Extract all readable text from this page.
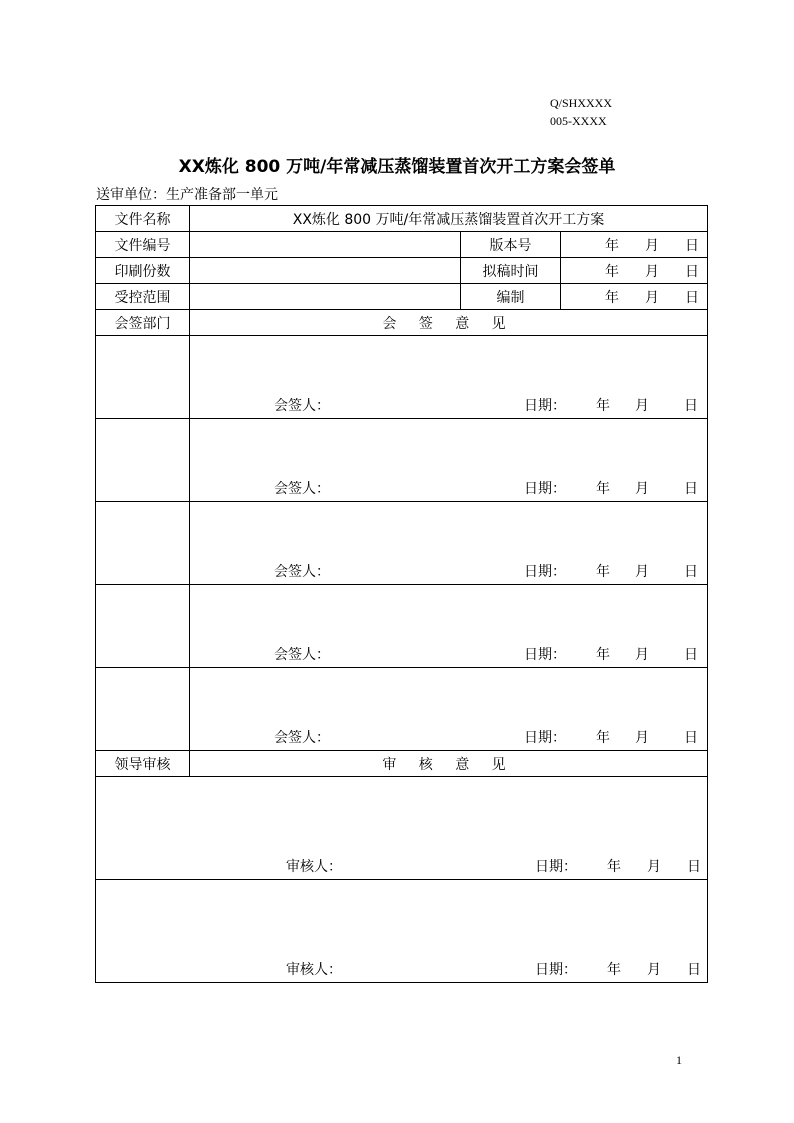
Q/SHXXXX
005-XXXX
XX炼化 800 万吨/年常减压蒸馏装置首次开工方案会签单
送审单位：生产准备部一单元
文件名称	XX炼化 800 万吨/年常减压蒸馏装置首次开工方案		
文件编号		版本号	年 月 日

印刷份数		拟稿时间	年 月 日

受控范围		编制	年 月 日

会签部门	会 签 意 见		

	会签人： 日期： 年 月 日		

	会签人： 日期： 年 月 日		

	会签人： 日期： 年 月 日		

	会签人： 日期： 年 月 日		

	会签人： 日期： 年 月 日		

领导审核	审 核 意 见		

审核人： 日期： 年 月 日			

审核人： 日期： 年 月 日			
1
